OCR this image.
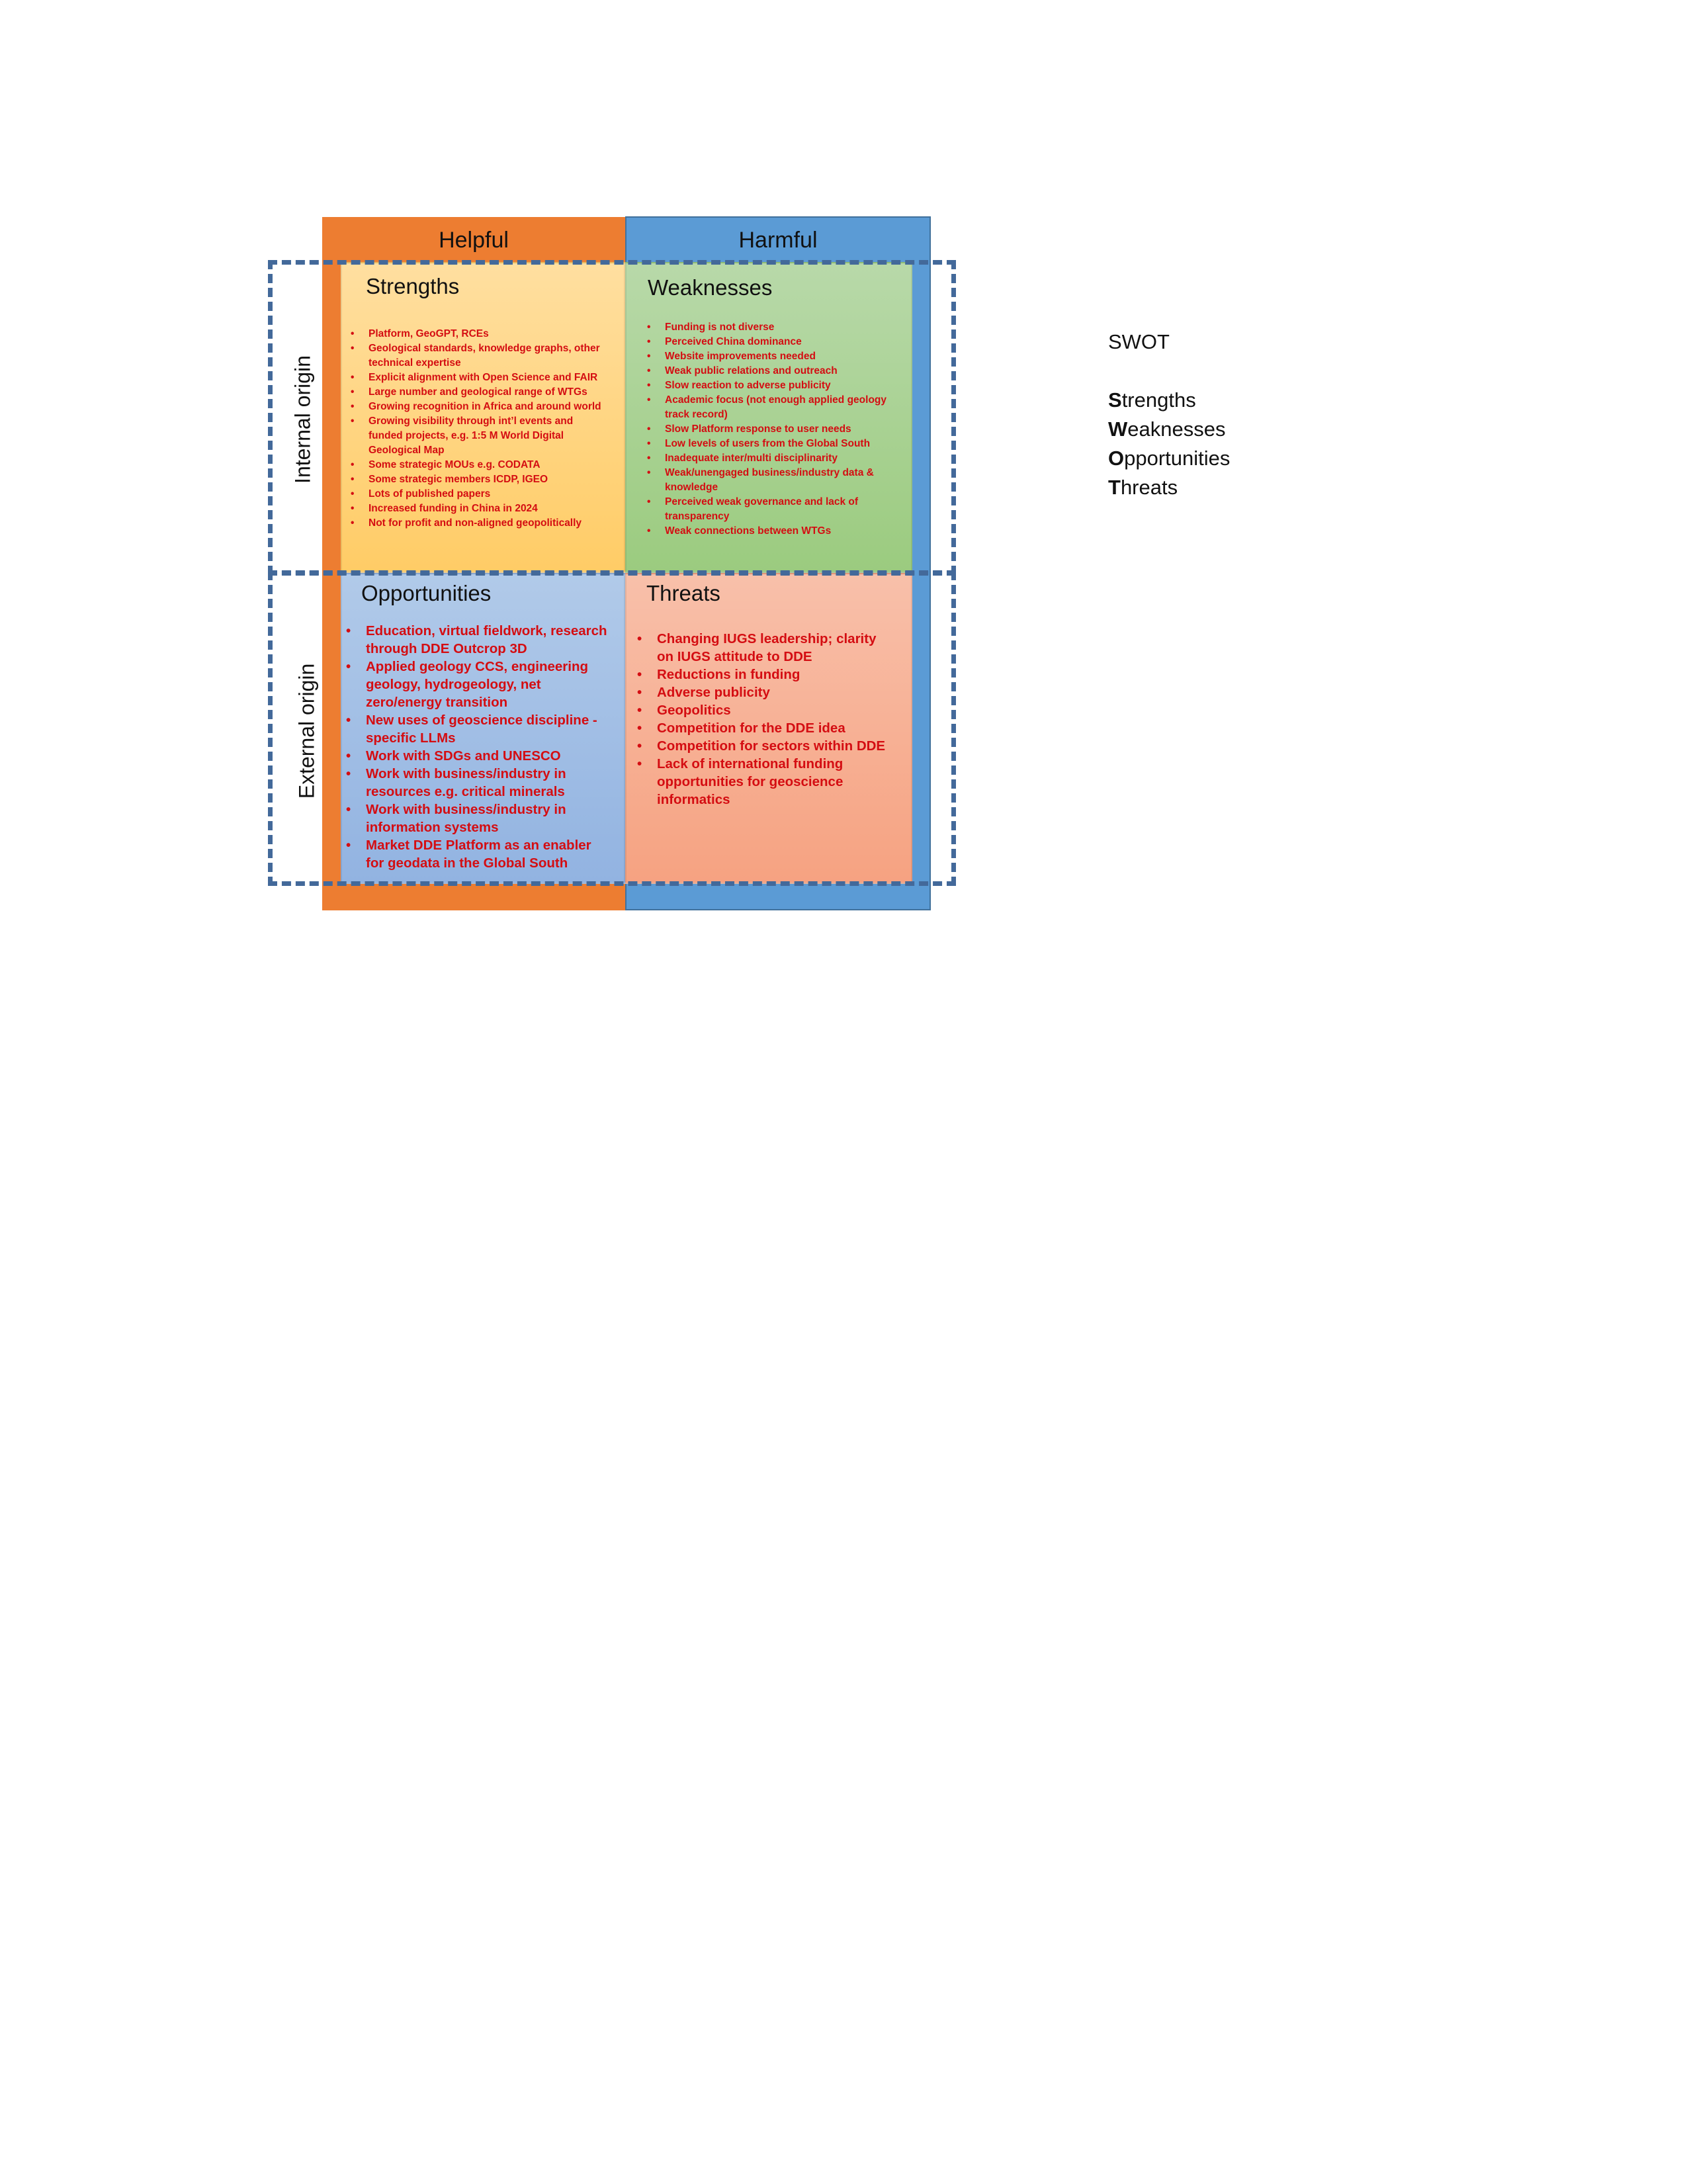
Helpful	Harmful
Strengths
• Platform, GeoGPT, RCEs
• Geological standards, knowledge graphs, other technical expertise
• Explicit alignment with Open Science and FAIR
• Large number and geological range of WTGs
• Growing recognition in Africa and around world
• Growing visibility through int’l events and funded projects, e.g. 1:5 M World Digital Geological Map
• Some strategic MOUs e.g. CODATA
• Some strategic members ICDP, IGEO
• Lots of published papers
• Increased funding in China in 2024
• Not for profit and non-aligned geopolitically
Weaknesses
• Funding is not diverse
• Perceived China dominance
• Website improvements needed
• Weak public relations and outreach
• Slow reaction to adverse publicity
• Academic focus (not enough applied geology track record)
• Slow Platform response to user needs
• Low levels of users from the Global South
• Inadequate inter/multi disciplinarity
• Weak/unengaged business/industry data & knowledge
• Perceived weak governance and lack of transparency
• Weak connections between WTGs
Opportunities
• Education, virtual fieldwork, research through DDE Outcrop 3D
• Applied geology CCS, engineering geology, hydrogeology, net zero/energy transition
• New uses of geoscience discipline - specific LLMs
• Work with SDGs and UNESCO
• Work with business/industry in resources e.g. critical minerals
• Work with business/industry in information systems
• Market DDE Platform as an enabler for geodata in the Global South
Threats
• Changing IUGS leadership; clarity on IUGS attitude to DDE
• Reductions in funding
• Adverse publicity
• Geopolitics
• Competition for the DDE idea
• Competition for sectors within DDE
• Lack of international funding opportunities for geoscience informatics
Internal origin
External origin
SWOT
Strengths
Weaknesses
Opportunities
Threats
